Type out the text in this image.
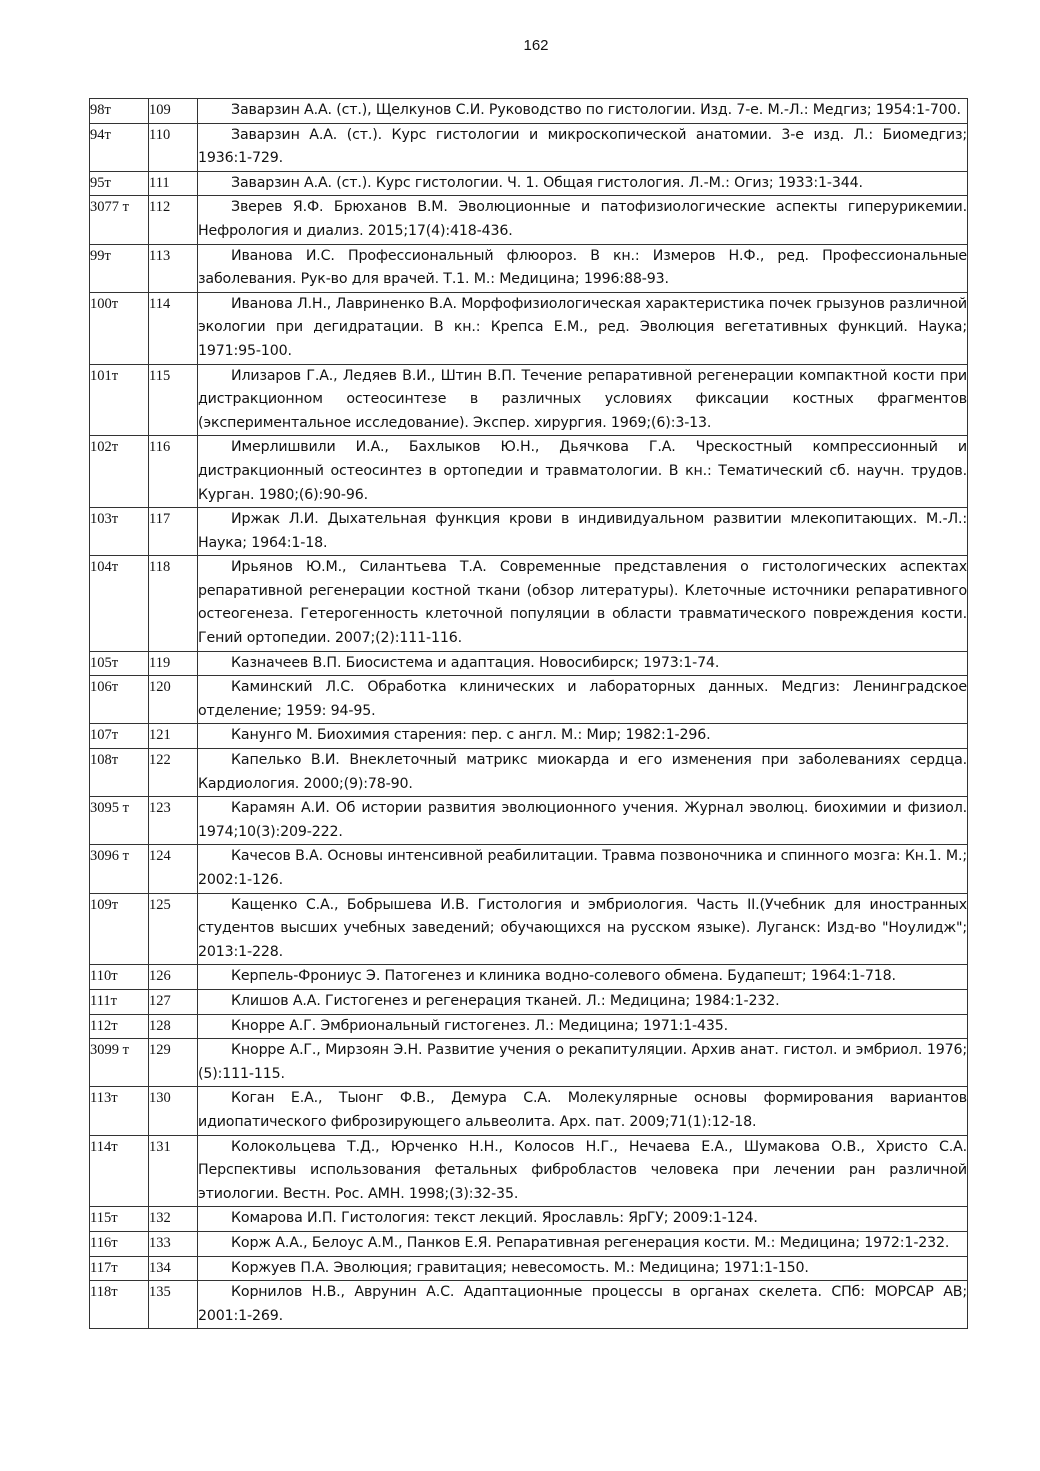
162
98т	109	Заварзин А.А. (ст.), Щелкунов С.И. Руководство по гистологии. Изд. 7-е. М.-Л.: Медгиз; 1954:1-700.
94т	110	Заварзин А.А. (ст.). Курс гистологии и микроскопической анатомии. 3-е изд. Л.: Биомедгиз; 1936:1-729.
95т	111	Заварзин А.А. (ст.). Курс гистологии. Ч. 1. Общая гистология. Л.-М.: Огиз; 1933:1-344.
3077 т	112	Зверев Я.Ф. Брюханов В.М. Эволюционные и патофизиологические аспекты гиперурикемии. Нефрология и диализ. 2015;17(4):418-436.
99т	113	Иванова И.С. Профессиональный флюороз. В кн.: Измеров Н.Ф., ред. Профессиональные заболевания. Рук-во для врачей. Т.1. М.: Медицина; 1996:88-93.
100т	114	Иванова Л.Н., Лавриненко В.А. Морфофизиологическая характеристика почек грызунов различной экологии при дегидратации. В кн.: Крепса Е.М., ред. Эволюция вегетативных функций. Наука; 1971:95-100.
101т	115	Илизаров Г.А., Ледяев В.И., Штин В.П. Течение репаративной регенерации компактной кости при дистракционном остеосинтезе в различных условиях фиксации костных фрагментов (экспериментальное исследование). Экспер. хирургия. 1969;(6):3-13.
102т	116	Имерлишвили И.А., Бахлыков Ю.Н., Дьячкова Г.А. Чрескостный компрессионный и дистракционный остеосинтез в ортопедии и травматологии. В кн.: Тематический сб. научн. трудов. Курган. 1980;(6):90-96.
103т	117	Иржак Л.И. Дыхательная функция крови в индивидуальном развитии млекопитающих. М.-Л.: Наука; 1964:1-18.
104т	118	Ирьянов Ю.М., Силантьева Т.А. Современные представления о гистологических аспектах репаративной регенерации костной ткани (обзор литературы). Клеточные источники репаративного остеогенеза. Гетерогенность клеточной популяции в области травматического повреждения кости. Гений ортопедии. 2007;(2):111-116.
105т	119	Казначеев В.П. Биосистема и адаптация. Новосибирск; 1973:1-74.
106т	120	Каминский Л.С. Обработка клинических и лабораторных данных. Медгиз: Ленинградское отделение; 1959: 94-95.
107т	121	Канунго М. Биохимия старения: пер. с англ. М.: Мир; 1982:1-296.
108т	122	Капелько В.И. Внеклеточный матрикс миокарда и его изменения при заболеваниях сердца. Кардиология. 2000;(9):78-90.
3095 т	123	Карамян А.И. Об истории развития эволюционного учения. Журнал эволюц. биохимии и физиол. 1974;10(3):209-222.
3096 т	124	Качесов В.А. Основы интенсивной реабилитации. Травма позвоночника и спинного мозга: Кн.1. М.; 2002:1-126.
109т	125	Кащенко С.А., Бобрышева И.В. Гистология и эмбриология. Часть II.(Учебник для иностранных студентов высших учебных заведений; обучающихся на русском языке). Луганск: Изд-во "Ноулидж"; 2013:1-228.
110т	126	Керпель-Фрониус Э. Патогенез и клиника водно-солевого обмена. Будапешт; 1964:1-718.
111т	127	Клишов А.А. Гистогенез и регенерация тканей. Л.: Медицина; 1984:1-232.
112т	128	Кнорре А.Г. Эмбриональный гистогенез. Л.: Медицина; 1971:1-435.
3099 т	129	Кнорре А.Г., Мирзоян Э.Н. Развитие учения о рекапитуляции. Архив анат. гистол. и эмбриол. 1976;(5):111-115.
113т	130	Коган Е.А., Тыонг Ф.В., Демура С.А. Молекулярные основы формирования вариантов идиопатического фиброзирующего альвеолита. Арх. пат. 2009;71(1):12-18.
114т	131	Колокольцева Т.Д., Юрченко Н.Н., Колосов Н.Г., Нечаева Е.А., Шумакова О.В., Христо С.А. Перспективы использования фетальных фибробластов человека при лечении ран различной этиологии. Вестн. Рос. АМН. 1998;(3):32-35.
115т	132	Комарова И.П. Гистология: текст лекций. Ярославль: ЯрГУ; 2009:1-124.
116т	133	Корж А.А., Белоус А.М., Панков Е.Я. Репаративная регенерация кости. М.: Медицина; 1972:1-232.
117т	134	Коржуев П.А. Эволюция; гравитация; невесомость. М.: Медицина; 1971:1-150.
118т	135	Корнилов Н.В., Аврунин А.С. Адаптационные процессы в органах скелета. СПб: МОРСАР АВ; 2001:1-269.
